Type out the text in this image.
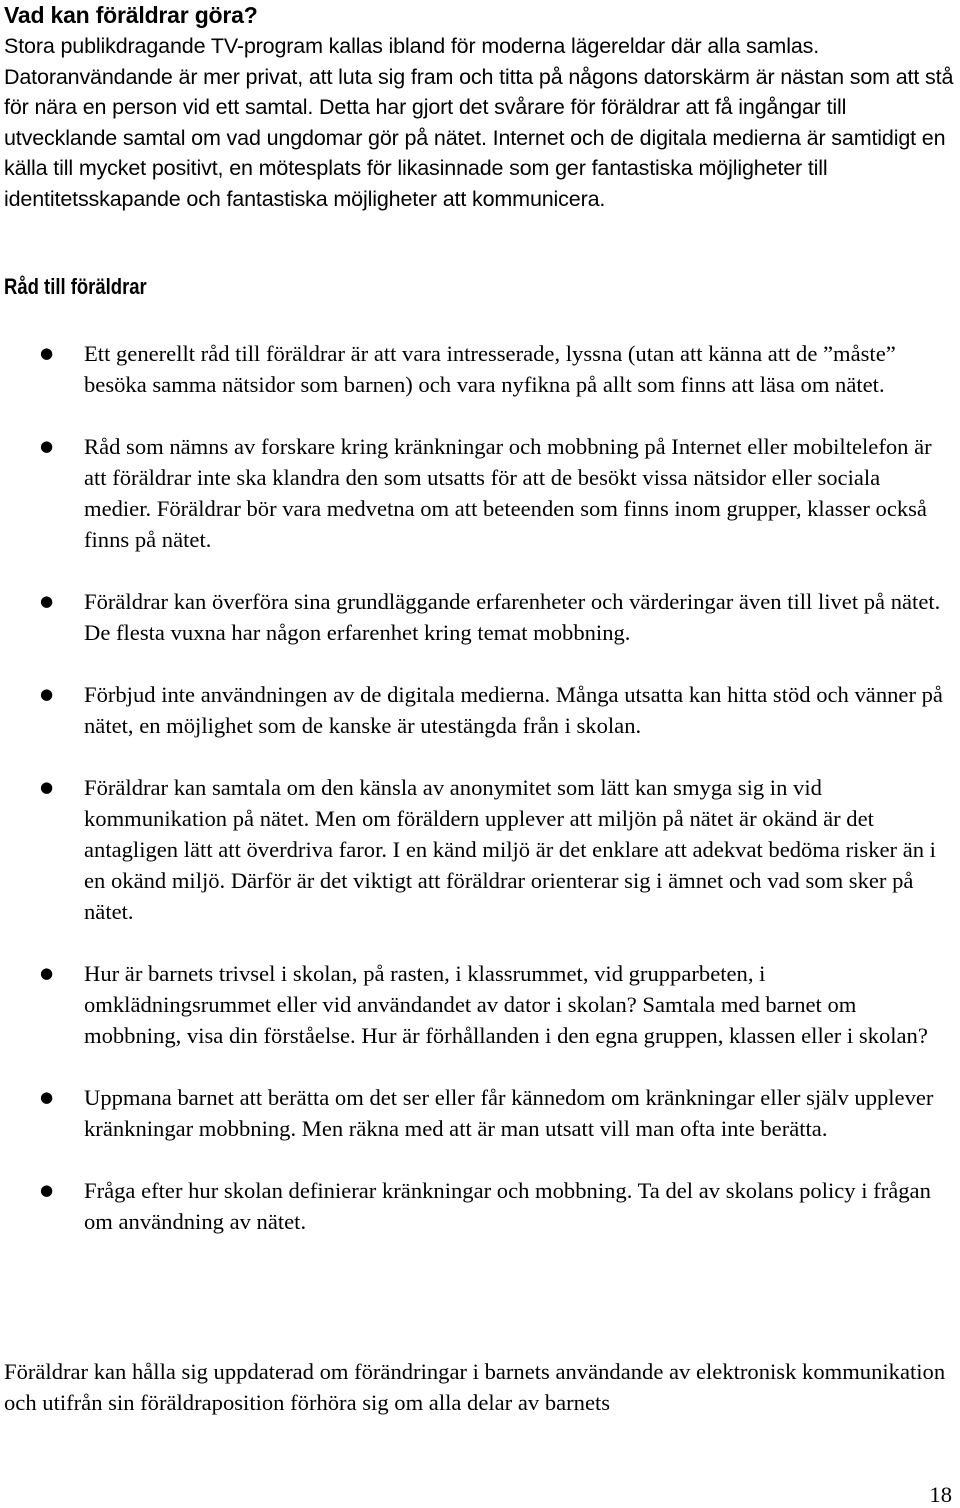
Vad kan föräldrar göra?

Stora publikdragande TV-program kallas ibland för moderna lägereldar där alla samlas. Datoranvändande är mer privat, att luta sig fram och titta på någons datorskärm är nästan som att stå för nära en person vid ett samtal. Detta har gjort det svårare för föräldrar att få ingångar till utvecklande samtal om vad ungdomar gör på nätet. Internet och de digitala medierna är samtidigt en källa till mycket positivt, en mötesplats för likasinnade som ger fantastiska möjligheter till identitetsskapande och fantastiska möjligheter att kommunicera.

Råd till föräldrar
● Ett generellt råd till föräldrar är att vara intresserade, lyssna (utan att känna att de ”måste” besöka samma nätsidor som barnen) och vara nyfikna på allt som finns att läsa om nätet.
● Råd som nämns av forskare kring kränkningar och mobbning på Internet eller mobiltelefon är att föräldrar inte ska klandra den som utsatts för att de besökt vissa nätsidor eller sociala medier. Föräldrar bör vara medvetna om att beteenden som finns inom grupper, klasser också finns på nätet.
● Föräldrar kan överföra sina grundläggande erfarenheter och värderingar även till livet på nätet. De flesta vuxna har någon erfarenhet kring temat mobbning.
● Förbjud inte användningen av de digitala medierna. Många utsatta kan hitta stöd och vänner på nätet, en möjlighet som de kanske är utestängda från i skolan.
● Föräldrar kan samtala om den känsla av anonymitet som lätt kan smyga sig in vid kommunikation på nätet. Men om föräldern upplever att miljön på nätet är okänd är det antagligen lätt att överdriva faror. I en känd miljö är det enklare att adekvat bedöma risker än i en okänd miljö. Därför är det viktigt att föräldrar orienterar sig i ämnet och vad som sker på nätet.
● Hur är barnets trivsel i skolan, på rasten, i klassrummet, vid grupparbeten, i omklädningsrummet eller vid användandet av dator i skolan? Samtala med barnet om mobbning, visa din förståelse. Hur är förhållanden i den egna gruppen, klassen eller i skolan?
● Uppmana barnet att berätta om det ser eller får kännedom om kränkningar eller själv upplever kränkningar mobbning. Men räkna med att är man utsatt vill man ofta inte berätta.
● Fråga efter hur skolan definierar kränkningar och mobbning. Ta del av skolans policy i frågan om användning av nätet.

Föräldrar kan hålla sig uppdaterad om förändringar i barnets användande av elektronisk kommunikation och utifrån sin föräldraposition förhöra sig om alla delar av barnets

18
